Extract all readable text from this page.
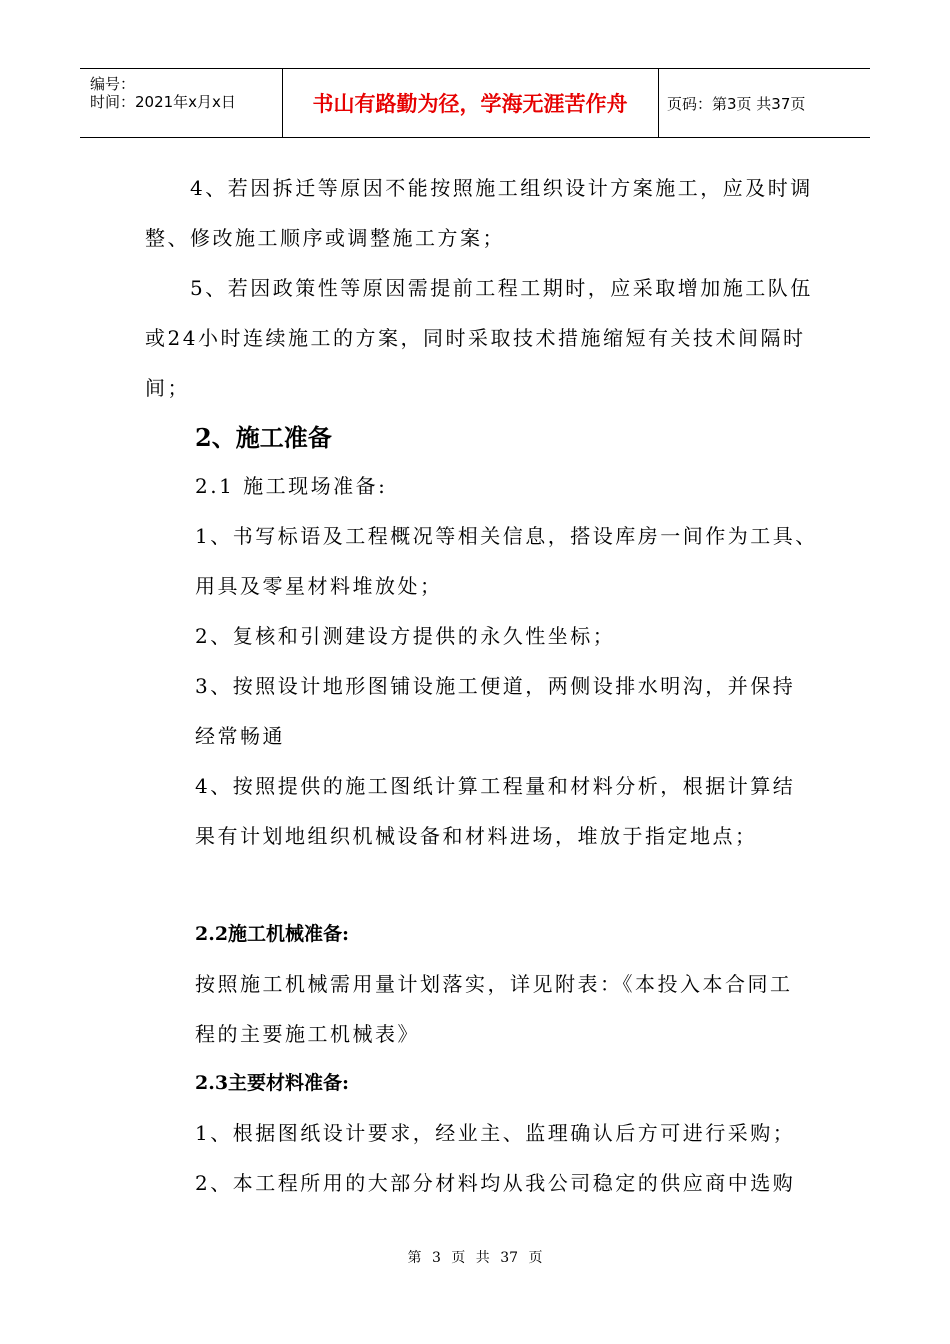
编号：
时间：2021年x月x日	书山有路勤为径，学海无涯苦作舟	页码：第3页 共37页
4、若因拆迁等原因不能按照施工组织设计方案施工，应及时调
整、修改施工顺序或调整施工方案；
5、若因政策性等原因需提前工程工期时，应采取增加施工队伍
或24小时连续施工的方案，同时采取技术措施缩短有关技术间隔时
间；
2、施工准备
2.1 施工现场准备:
1、书写标语及工程概况等相关信息，搭设库房一间作为工具、
用具及零星材料堆放处；
2、复核和引测建设方提供的永久性坐标；
3、按照设计地形图铺设施工便道，两侧设排水明沟，并保持
经常畅通
4、按照提供的施工图纸计算工程量和材料分析，根据计算结
果有计划地组织机械设备和材料进场，堆放于指定地点；
2.2施工机械准备:
按照施工机械需用量计划落实，详见附表：《本投入本合同工
程的主要施工机械表》
2.3主要材料准备:
1、根据图纸设计要求，经业主、监理确认后方可进行采购；
2、本工程所用的大部分材料均从我公司稳定的供应商中选购
第 3 页 共 37 页
